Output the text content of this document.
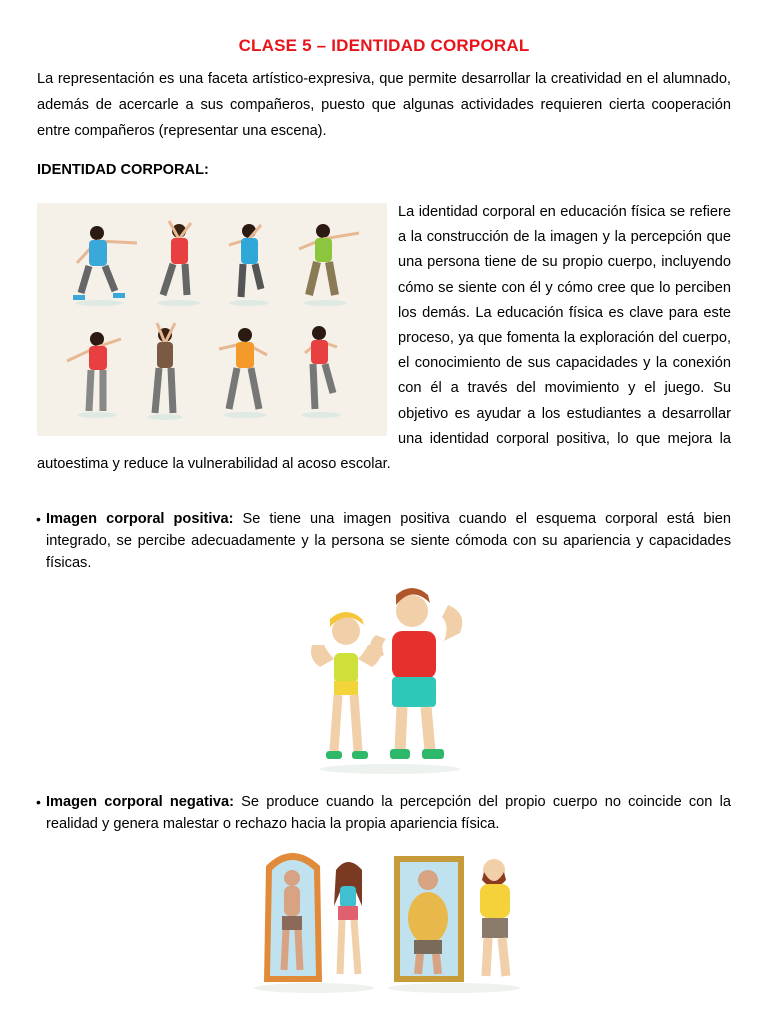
CLASE 5 – IDENTIDAD CORPORAL

La representación es una faceta artístico-expresiva, que permite desarrollar la creatividad en el alumnado, además de acercarle a sus compañeros, puesto que algunas actividades requieren cierta cooperación entre compañeros (representar una escena).

IDENTIDAD CORPORAL:

La identidad corporal en educación física se refiere a la construcción de la imagen y la percepción que una persona tiene de su propio cuerpo, incluyendo cómo se siente con él y cómo cree que lo perciben los demás. La educación física es clave para este proceso, ya que fomenta la exploración del cuerpo, el conocimiento de sus capacidades y la conexión con él a través del movimiento y el juego. Su objetivo es ayudar a los estudiantes a desarrollar una identidad corporal positiva, lo que mejora la autoestima y reduce la vulnerabilidad al acoso escolar.

• Imagen corporal positiva: Se tiene una imagen positiva cuando el esquema corporal está bien integrado, se percibe adecuadamente y la persona se siente cómoda con su apariencia y capacidades físicas.
• Imagen corporal negativa: Se produce cuando la percepción del propio cuerpo no coincide con la realidad y genera malestar o rechazo hacia la propia apariencia física.
